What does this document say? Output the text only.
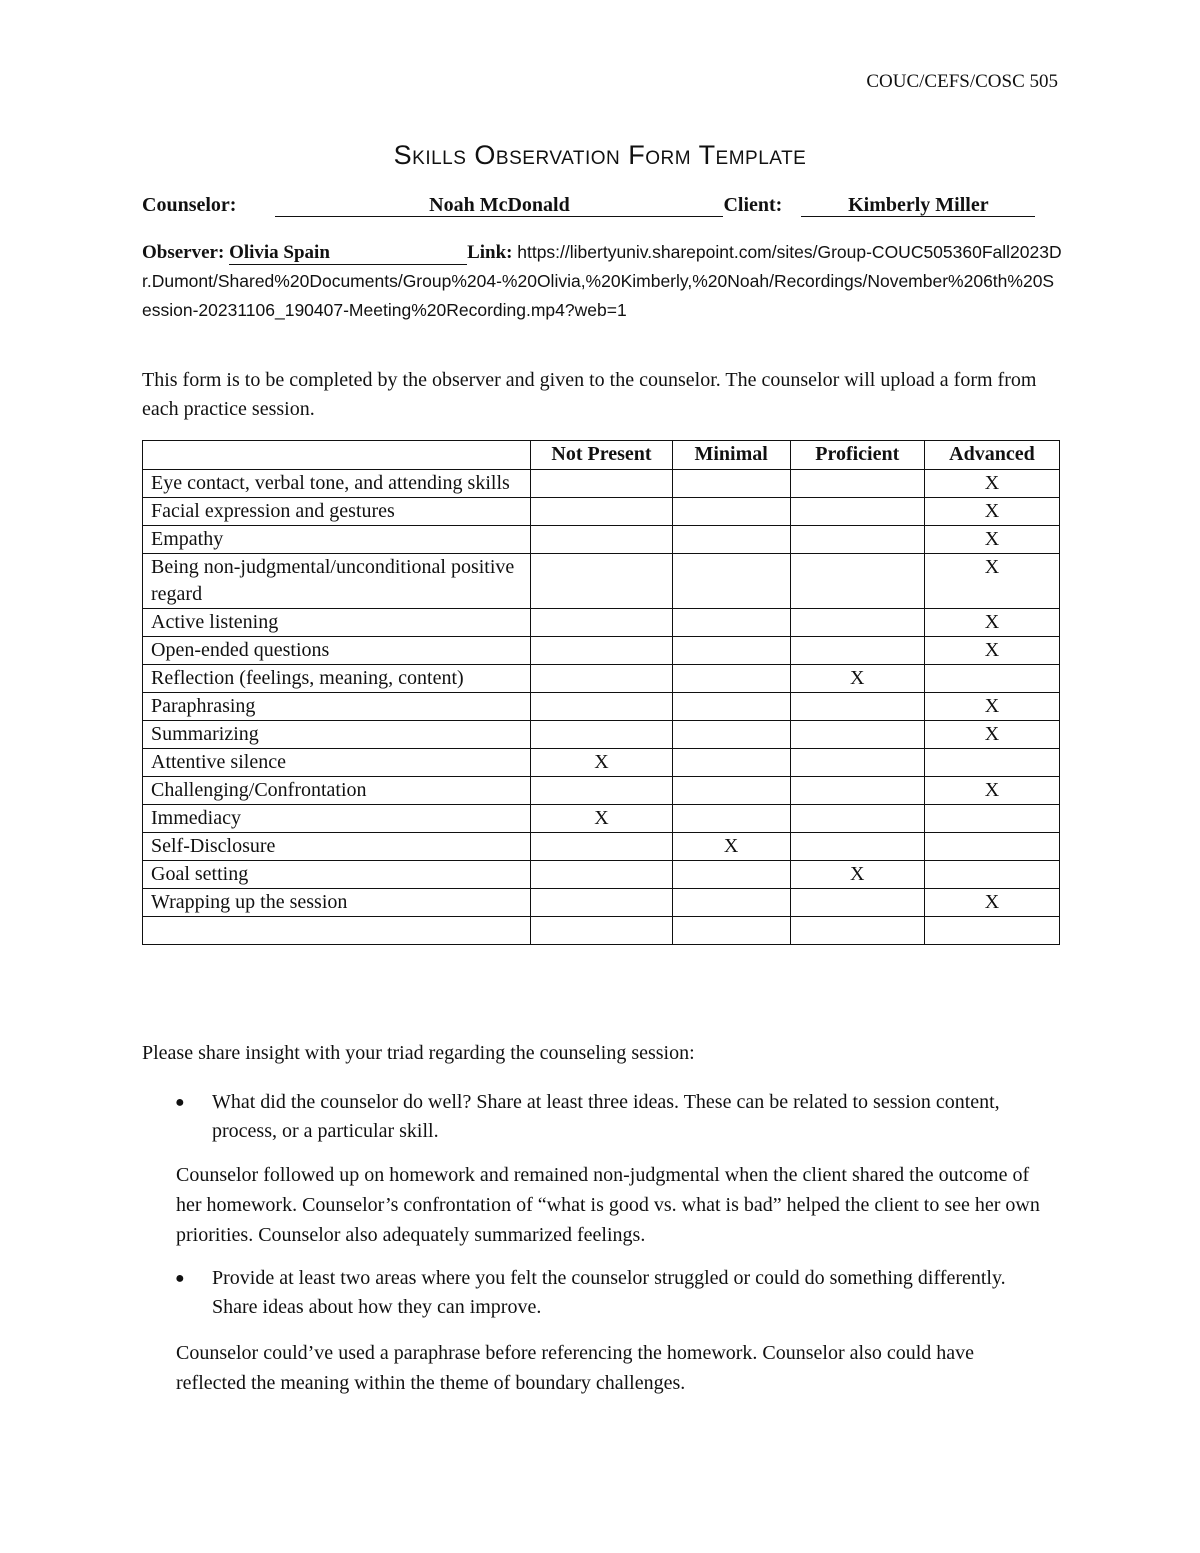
COUC/CEFS/COSC 505
Skills Observation Form Template
Counselor:	Noah McDonald	Client:	Kimberly Miller
Observer: Olivia Spain	Link: https://libertyuniv.sharepoint.com/sites/Group-COUC505360Fall2023Dr.Dumont/Shared%20Documents/Group%204-%20Olivia,%20Kimberly,%20Noah/Recordings/November%206th%20Session-20231106_190407-Meeting%20Recording.mp4?web=1
This form is to be completed by the observer and given to the counselor. The counselor will upload a form from each practice session.
	Not Present	Minimal	Proficient	Advanced
Eye contact, verbal tone, and attending skills				X
Facial expression and gestures				X
Empathy				X
Being non-judgmental/unconditional positive regard				X
Active listening				X
Open-ended questions				X
Reflection (feelings, meaning, content)			X	
Paraphrasing				X
Summarizing				X
Attentive silence	X			
Challenging/Confrontation				X
Immediacy	X			
Self-Disclosure		X		
Goal setting			X	
Wrapping up the session				X

Please share insight with your triad regarding the counseling session:
● What did the counselor do well? Share at least three ideas. These can be related to session content, process, or a particular skill.
Counselor followed up on homework and remained non-judgmental when the client shared the outcome of her homework. Counselor’s confrontation of “what is good vs. what is bad” helped the client to see her own priorities. Counselor also adequately summarized feelings.
● Provide at least two areas where you felt the counselor struggled or could do something differently. Share ideas about how they can improve.
Counselor could’ve used a paraphrase before referencing the homework. Counselor also could have reflected the meaning within the theme of boundary challenges.
